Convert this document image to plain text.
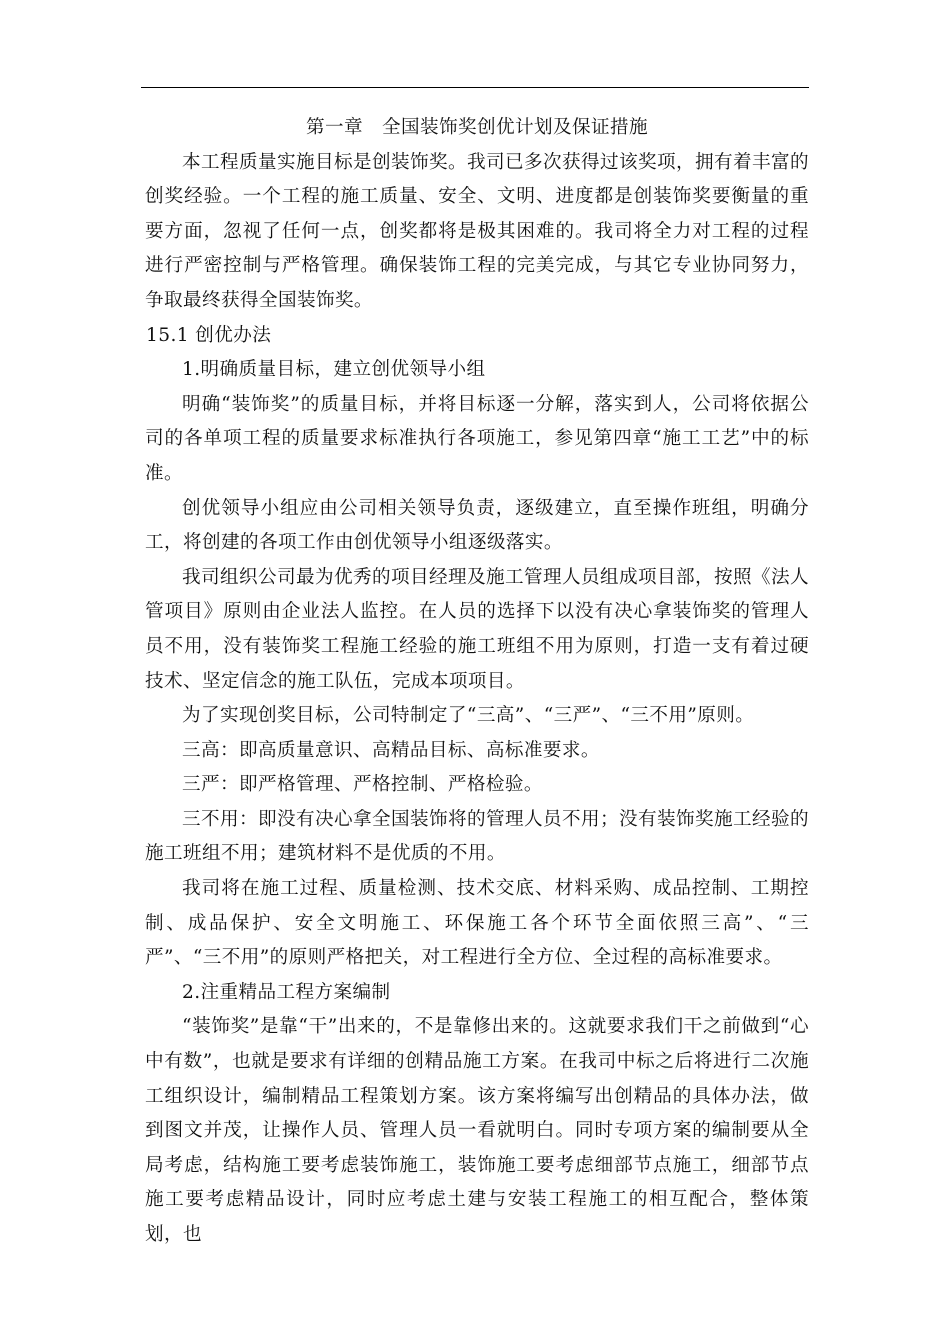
第一章　全国装饰奖创优计划及保证措施

本工程质量实施目标是创装饰奖。我司已多次获得过该奖项，拥有着丰富的创奖经验。一个工程的施工质量、安全、文明、进度都是创装饰奖要衡量的重要方面，忽视了任何一点，创奖都将是极其困难的。我司将全力对工程的过程进行严密控制与严格管理。确保装饰工程的完美完成，与其它专业协同努力，争取最终获得全国装饰奖。

15.1 创优办法

1.明确质量目标，建立创优领导小组

明确“装饰奖”的质量目标，并将目标逐一分解，落实到人，公司将依据公司的各单项工程的质量要求标准执行各项施工，参见第四章“施工工艺”中的标准。

创优领导小组应由公司相关领导负责，逐级建立，直至操作班组，明确分工，将创建的各项工作由创优领导小组逐级落实。

我司组织公司最为优秀的项目经理及施工管理人员组成项目部，按照《法人管项目》原则由企业法人监控。在人员的选择下以没有决心拿装饰奖的管理人员不用，没有装饰奖工程施工经验的施工班组不用为原则，打造一支有着过硬技术、坚定信念的施工队伍，完成本项项目。

为了实现创奖目标，公司特制定了“三高”、“三严”、“三不用”原则。

三高：即高质量意识、高精品目标、高标准要求。

三严：即严格管理、严格控制、严格检验。

三不用：即没有决心拿全国装饰将的管理人员不用；没有装饰奖施工经验的施工班组不用；建筑材料不是优质的不用。

我司将在施工过程、质量检测、技术交底、材料采购、成品控制、工期控制、成品保护、安全文明施工、环保施工各个环节全面依照三高”、“三严”、“三不用”的原则严格把关，对工程进行全方位、全过程的高标准要求。

2.注重精品工程方案编制

“装饰奖”是靠“干”出来的，不是靠修出来的。这就要求我们干之前做到“心中有数”，也就是要求有详细的创精品施工方案。在我司中标之后将进行二次施工组织设计，编制精品工程策划方案。该方案将编写出创精品的具体办法，做到图文并茂，让操作人员、管理人员一看就明白。同时专项方案的编制要从全局考虑，结构施工要考虑装饰施工，装饰施工要考虑细部节点施工，细部节点施工要考虑精品设计，同时应考虑土建与安装工程施工的相互配合，整体策划，也
